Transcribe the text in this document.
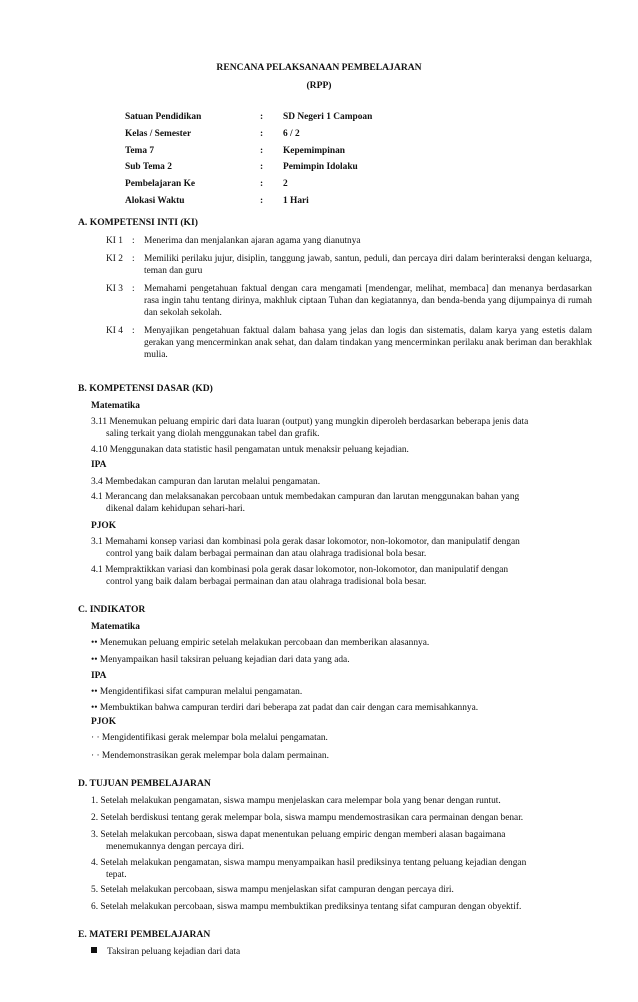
RENCANA PELAKSANAAN PEMBELAJARAN
(RPP)
Satuan Pendidikan	:	SD Negeri 1 Campoan
Kelas / Semester	:	6 / 2
Tema 7	:	Kepemimpinan
Sub Tema 2	:	Pemimpin Idolaku
Pembelajaran Ke	:	2
Alokasi Waktu	:	1 Hari
A. KOMPETENSI INTI (KI)
KI 1 : Menerima dan menjalankan ajaran agama yang dianutnya
KI 2 : Memiliki perilaku jujur, disiplin, tanggung jawab, santun, peduli, dan percaya diri dalam berinteraksi dengan keluarga, teman dan guru
KI 3 : Memahami pengetahuan faktual dengan cara mengamati [mendengar, melihat, membaca] dan menanya berdasarkan rasa ingin tahu tentang dirinya, makhluk ciptaan Tuhan dan kegiatannya, dan benda-benda yang dijumpainya di rumah dan sekolah sekolah.
KI 4 : Menyajikan pengetahuan faktual dalam bahasa yang jelas dan logis dan sistematis, dalam karya yang estetis dalam gerakan yang mencerminkan anak sehat, dan dalam tindakan yang mencerminkan perilaku anak beriman dan berakhlak mulia.
B. KOMPETENSI DASAR (KD)
Matematika
3.11 Menemukan peluang empiric dari data luaran (output) yang mungkin diperoleh berdasarkan beberapa jenis data
saling terkait yang diolah menggunakan tabel dan grafik.
4.10 Menggunakan data statistic hasil pengamatan untuk menaksir peluang kejadian.
IPA
3.4 Membedakan campuran dan larutan melalui pengamatan.
4.1 Merancang dan melaksanakan percobaan untuk membedakan campuran dan larutan menggunakan bahan yang
dikenal dalam kehidupan sehari-hari.
PJOK
3.1 Memahami konsep variasi dan kombinasi pola gerak dasar lokomotor, non-lokomotor, dan manipulatif dengan
control yang baik dalam berbagai permainan dan atau olahraga tradisional bola besar.
4.1 Mempraktikkan variasi dan kombinasi pola gerak dasar lokomotor, non-lokomotor, dan manipulatif dengan
control yang baik dalam berbagai permainan dan atau olahraga tradisional bola besar.
C. INDIKATOR
Matematika
•• Menemukan peluang empiric setelah melakukan percobaan dan memberikan alasannya.
•• Menyampaikan hasil taksiran peluang kejadian dari data yang ada.
IPA
•• Mengidentifikasi sifat campuran melalui pengamatan.
•• Membuktikan bahwa campuran terdiri dari beberapa zat padat dan cair dengan cara memisahkannya.
PJOK
· · Mengidentifikasi gerak melempar bola melalui pengamatan.
· · Mendemonstrasikan gerak melempar bola dalam permainan.
D. TUJUAN PEMBELAJARAN
1. Setelah melakukan pengamatan, siswa mampu menjelaskan cara melempar bola yang benar dengan runtut.
2. Setelah berdiskusi tentang gerak melempar bola, siswa mampu mendemostrasikan cara permainan dengan benar.
3. Setelah melakukan percobaan, siswa dapat menentukan peluang empiric dengan memberi alasan bagaimana
menemukannya dengan percaya diri.
4. Setelah melakukan pengamatan, siswa mampu menyampaikan hasil prediksinya tentang peluang kejadian dengan
tepat.
5. Setelah melakukan percobaan, siswa mampu menjelaskan sifat campuran dengan percaya diri.
6. Setelah melakukan percobaan, siswa mampu membuktikan prediksinya tentang sifat campuran dengan obyektif.
E. MATERI PEMBELAJARAN
Taksiran peluang kejadian dari data
